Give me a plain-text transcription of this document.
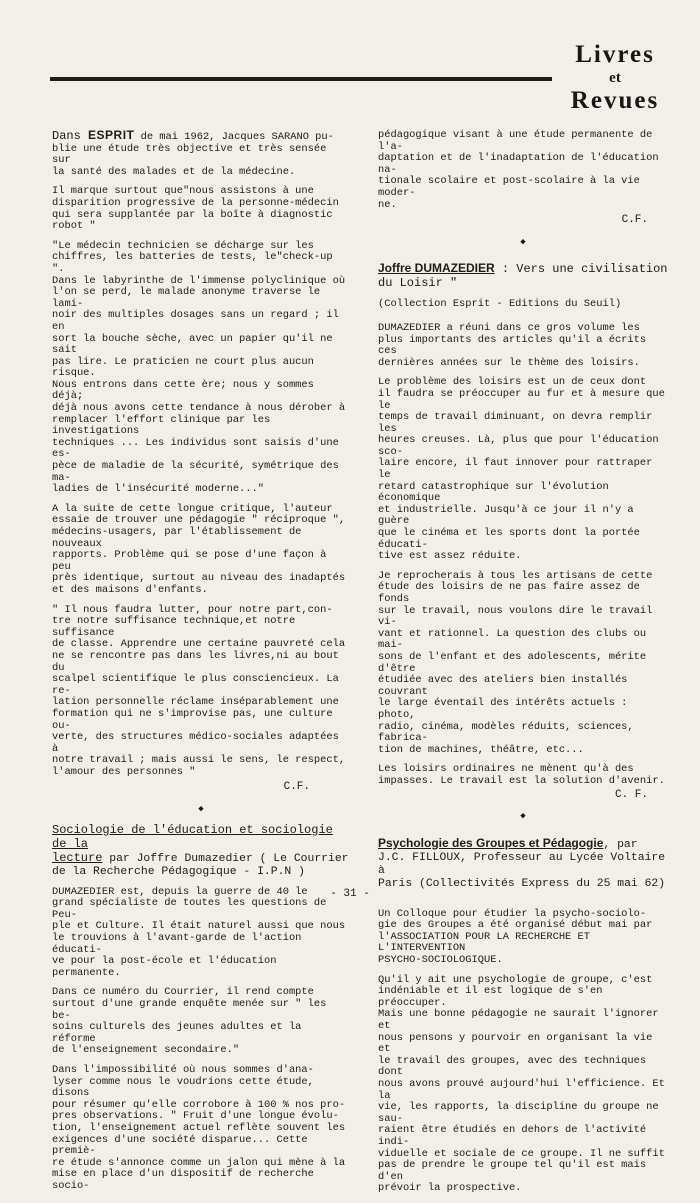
Livres
et
Revues

Dans ESPRIT de mai 1962, Jacques SARANO pu-
blie une étude très objective et très sensée sur
la santé des malades et de la médecine.

Il marque surtout que"nous assistons à une
disparition progressive de la personne-médecin
qui sera supplantée par la boîte à diagnostic
robot "

"Le médecin technicien se décharge sur les
chiffres, les batteries de tests, le"check-up ".
Dans le labyrinthe de l'immense polyclinique où
l'on se perd, le malade anonyme traverse le lami-
noir des multiples dosages sans un regard ; il en
sort la bouche sèche, avec un papier qu'il ne sait
pas lire. Le praticien ne court plus aucun risque.
Nous entrons dans cette ère; nous y sommes déjà;
déjà nous avons cette tendance à nous dérober à
remplacer l'effort clinique par les investigations
techniques ... Les individus sont saisis d'une es-
pèce de maladie de la sécurité, symétrique des ma-
ladies de l'insécurité moderne..."

A la suite de cette longue critique, l'auteur
essaie de trouver une pédagogie " réciproque ",
médecins-usagers, par l'établissement de nouveaux
rapports. Problème qui se pose d'une façon à peu
près identique, surtout au niveau des inadaptés
et des maisons d'enfants.

" Il nous faudra lutter, pour notre part,con-
tre notre suffisance technique,et notre suffisance
de classe. Apprendre une certaine pauvreté cela
ne se rencontre pas dans les livres,ni au bout du
scalpel scientifique le plus consciencieux. La re-
lation personnelle réclame inséparablement une
formation qui ne s'improvise pas, une culture ou-
verte, des structures médico-sociales adaptées à
notre travail ; mais aussi le sens, le respect,
l'amour des personnes "

C.F.

◆

Sociologie de l'éducation et sociologie de la
lecture par Joffre Dumazedier ( Le Courrier
de la Recherche Pédagogique - I.P.N )

DUMAZEDIER est, depuis la guerre de 40 le
grand spécialiste de toutes les questions de Peu-
ple et Culture. Il était naturel aussi que nous
le trouvions à l'avant-garde de l'action éducati-
ve pour la post-école et l'éducation permanente.

Dans ce numéro du Courrier, il rend compte
surtout d'une grande enquête menée sur " les be-
soins culturels des jeunes adultes et la réforme
de l'enseignement secondaire."

Dans l'impossibilité où nous sommes d'ana-
lyser comme nous le voudrions cette étude, disons
pour résumer qu'elle corrobore à 100 % nos pro-
pres observations. " Fruit d'une longue évolu-
tion, l'enseignement actuel reflète souvent les
exigences d'une société disparue... Cette premiè-
re étude s'annonce comme un jalon qui mène à la
mise en place d'un dispositif de recherche socio-

pédagogique visant à une étude permanente de l'a-
daptation et de l'inadaptation de l'éducation na-
tionale scolaire et post-scolaire à la vie moder-
ne.

C.F.

◆

Joffre DUMAZEDIER : Vers une civilisation
du Loisir "

(Collection Esprit - Editions du Seuil)

DUMAZEDIER a réuni dans ce gros volume les
plus importants des articles qu'il a écrits ces
dernières années sur le thème des loisirs.

Le problème des loisirs est un de ceux dont
il faudra se préoccuper au fur et à mesure que le
temps de travail diminuant, on devra remplir les
heures creuses. Là, plus que pour l'éducation sco-
laire encore, il faut innover pour rattraper le
retard catastrophique sur l'évolution économique
et industrielle. Jusqu'à ce jour il n'y a guère
que le cinéma et les sports dont la portée éducati-
tive est assez réduite.

Je reprocherais à tous les artisans de cette
étude des loisirs de ne pas faire assez de fonds
sur le travail, nous voulons dire le travail vi-
vant et rationnel. La question des clubs ou mai-
sons de l'enfant et des adolescents, mérite d'être
étudiée avec des ateliers bien installés couvrant
le large éventail des intérêts actuels : photo,
radio, cinéma, modèles réduits, sciences, fabrica-
tion de machines, théâtre, etc...

Les loisirs ordinaires ne mènent qu'à des
impasses. Le travail est la solution d'avenir.

C. F.

◆

Psychologie des Groupes et Pédagogie, par
J.C. FILLOUX, Professeur au Lycée Voltaire à
Paris (Collectivités Express du 25 mai 62)

Un Colloque pour étudier la psycho-sociolo-
gie des Groupes a été organisé début mai par
l'ASSOCIATION POUR LA RECHERCHE ET L'INTERVENTION
PSYCHO-SOCIOLOGIQUE.

Qu'il y ait une psychologie de groupe, c'est
indéniable et il est logique de s'en préoccuper.
Mais une bonne pédagogie ne saurait l'ignorer et
nous pensons y pourvoir en organisant la vie et
le travail des groupes, avec des techniques dont
nous avons prouvé aujourd'hui l'efficience. Et la
vie, les rapports, la discipline du groupe ne sau-
raient être étudiés en dehors de l'activité indi-
viduelle et sociale de ce groupe. Il ne suffit
pas de prendre le groupe tel qu'il est mais d'en
prévoir la prospective.

- 31 -
